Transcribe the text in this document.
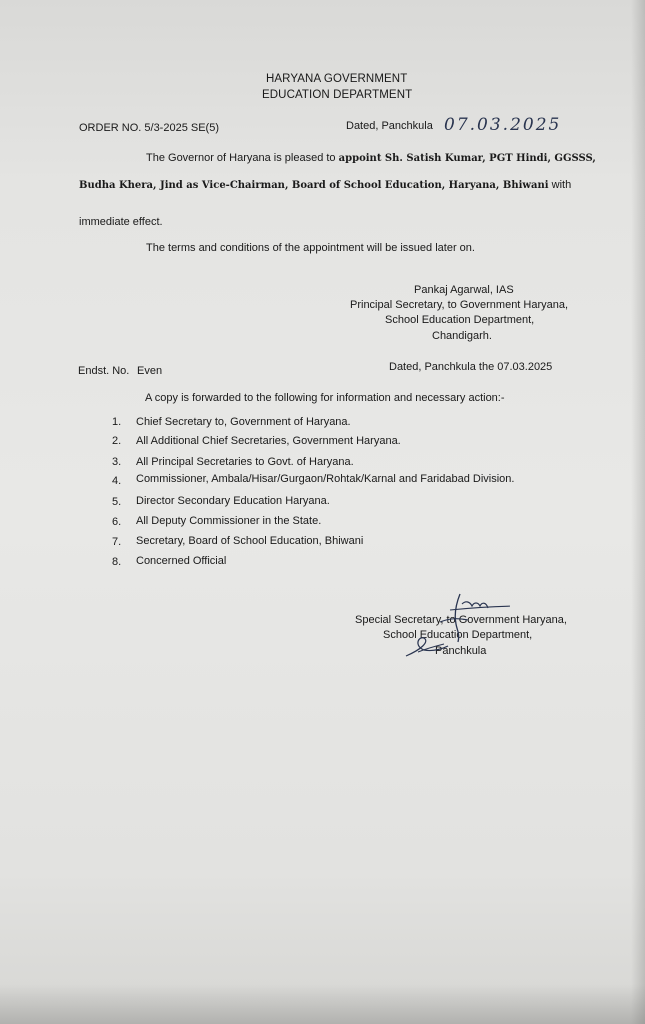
HARYANA GOVERNMENT
EDUCATION DEPARTMENT
ORDER NO. 5/3-2025 SE(5)	Dated, Panchkula 07.03.2025
The Governor of Haryana is pleased to appoint Sh. Satish Kumar, PGT Hindi, GGSSS,
Budha Khera, Jind as Vice-Chairman, Board of School Education, Haryana, Bhiwani with
immediate effect.
The terms and conditions of the appointment will be issued later on.
Pankaj Agarwal, IAS
Principal Secretary, to Government Haryana,
School Education Department,
Chandigarh.
Endst. No. Even	Dated, Panchkula the 07.03.2025
A copy is forwarded to the following for information and necessary action:-
1. Chief Secretary to, Government of Haryana.
2. All Additional Chief Secretaries, Government Haryana.
3. All Principal Secretaries to Govt. of Haryana.
4. Commissioner, Ambala/Hisar/Gurgaon/Rohtak/Karnal and Faridabad Division.
5. Director Secondary Education Haryana.
6. All Deputy Commissioner in the State.
7. Secretary, Board of School Education, Bhiwani
8. Concerned Official
Special Secretary, to Government Haryana,
School Education Department,
Panchkula
